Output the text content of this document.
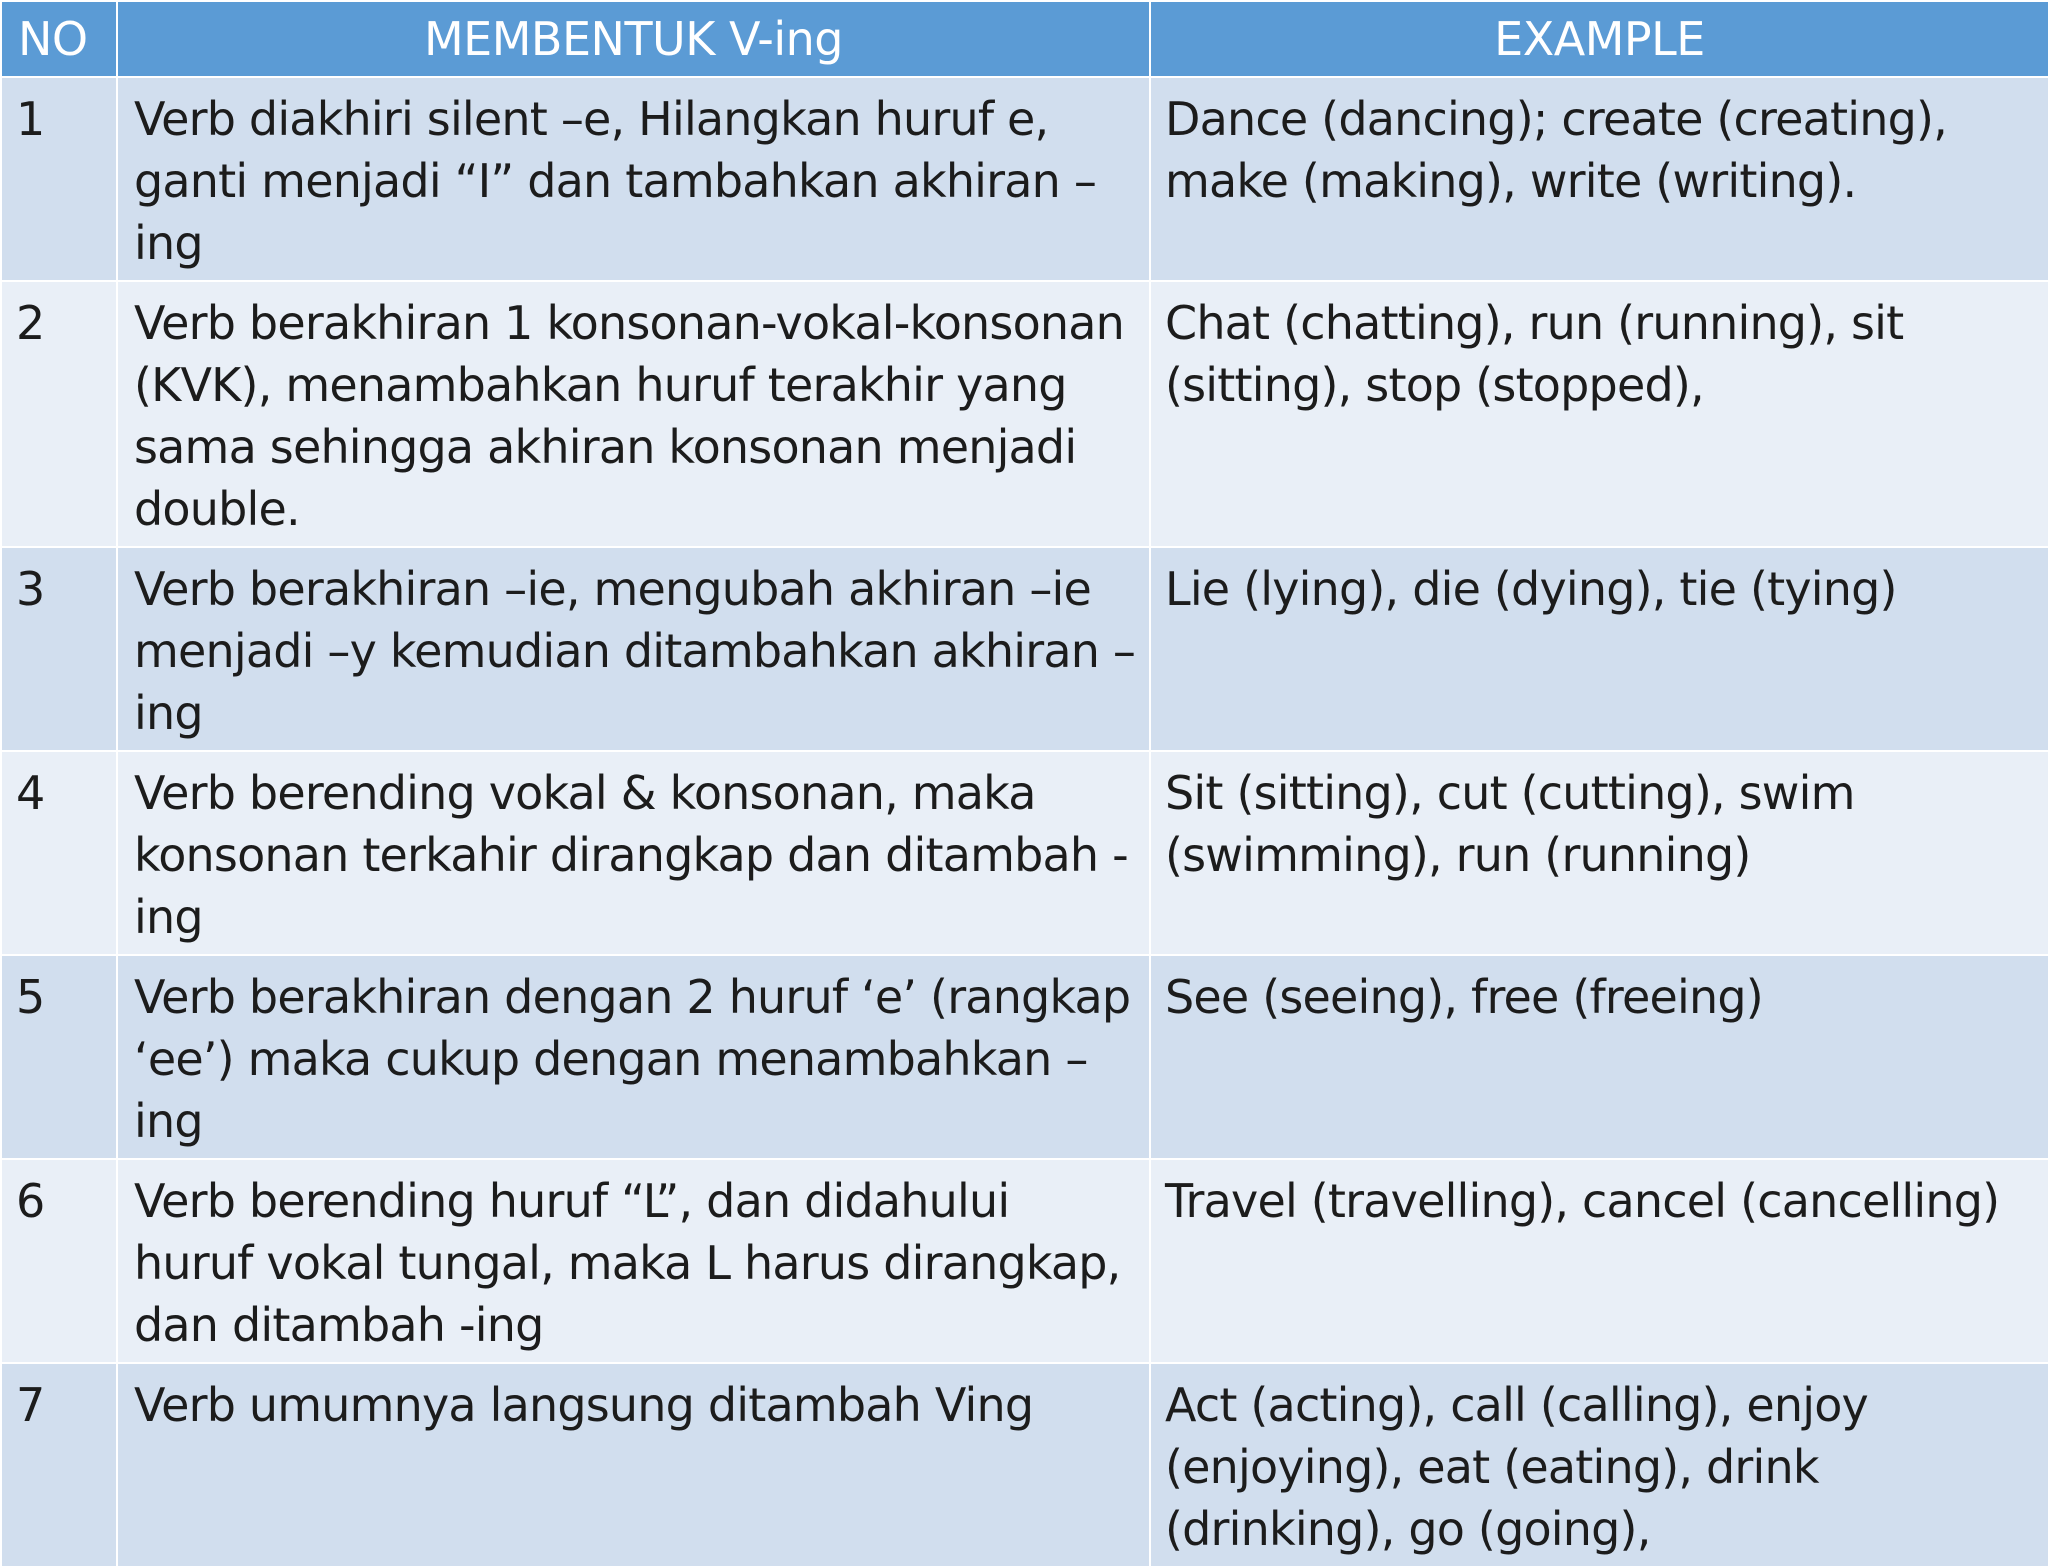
NO	MEMBENTUK V-ing	EXAMPLE
1	Verb diakhiri silent –e, Hilangkan huruf e, ganti menjadi “I” dan tambahkan akhiran –ing	Dance (dancing); create (creating), make (making), write (writing).
2	Verb berakhiran 1 konsonan-vokal-konsonan (KVK), menambahkan huruf terakhir yang sama sehingga akhiran konsonan menjadi double.	Chat (chatting), run (running), sit (sitting), stop (stopped),
3	Verb berakhiran –ie, mengubah akhiran –ie menjadi –y kemudian ditambahkan akhiran –ing	Lie (lying), die (dying), tie (tying)
4	Verb berending vokal & konsonan, maka konsonan terkahir dirangkap dan ditambah -ing	Sit (sitting), cut (cutting), swim (swimming), run (running)
5	Verb berakhiran dengan 2 huruf ‘e’ (rangkap ‘ee’) maka cukup dengan menambahkan –ing	See (seeing), free (freeing)
6	Verb berending huruf “L”, dan didahului huruf vokal tungal, maka L harus dirangkap, dan ditambah -ing	Travel (travelling), cancel (cancelling)
7	Verb umumnya langsung ditambah Ving	Act (acting), call (calling), enjoy (enjoying), eat (eating), drink (drinking), go (going),
